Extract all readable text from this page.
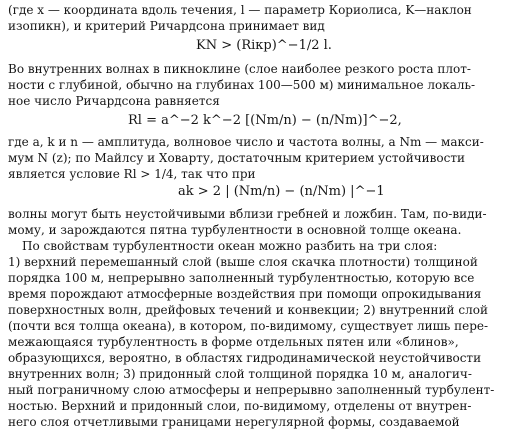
(где x — координата вдоль течения, l — параметр Кориолиса, K—наклон
изопикн), и критерий Ричардсона принимает вид
KN > (Riкр)^−1/2 l.
Во внутренних волнах в пикноклине (слое наиболее резкого роста плот-
ности с глубиной, обычно на глубинах 100—500 м) минимальное локаль-
ное число Ричардсона равняется
Rl = a^−2 k^−2 [(Nm/n) − (n/Nm)]^−2,
где a, k и n — амплитуда, волновое число и частота волны, a Nm — макси-
мум N (z); по Майлсу и Ховарту, достаточным критерием устойчивости
является условие Rl > 1/4, так что при
ak > 2 | (Nm/n) − (n/Nm) |^−1
волны могут быть неустойчивыми вблизи гребней и ложбин. Там, по-види-
мому, и зарождаются пятна турбулентности в основной толще океана.
По свойствам турбулентности океан можно разбить на три слоя:
1) верхний перемешанный слой (выше слоя скачка плотности) толщиной
порядка 100 м, непрерывно заполненный турбулентностью, которую все
время порождают атмосферные воздействия при помощи опрокидывания
поверхностных волн, дрейфовых течений и конвекции; 2) внутренний слой
(почти вся толща океана), в котором, по-видимому, существует лишь пере-
межающаяся турбулентность в форме отдельных пятен или «блинов»,
образующихся, вероятно, в областях гидродинамической неустойчивости
внутренних волн; 3) придонный слой толщиной порядка 10 м, аналогич-
ный пограничному слою атмосферы и непрерывно заполненный турбулент-
ностью. Верхний и придонный слои, по-видимому, отделены от внутрен-
него слоя отчетливыми границами нерегулярной формы, создаваемой
